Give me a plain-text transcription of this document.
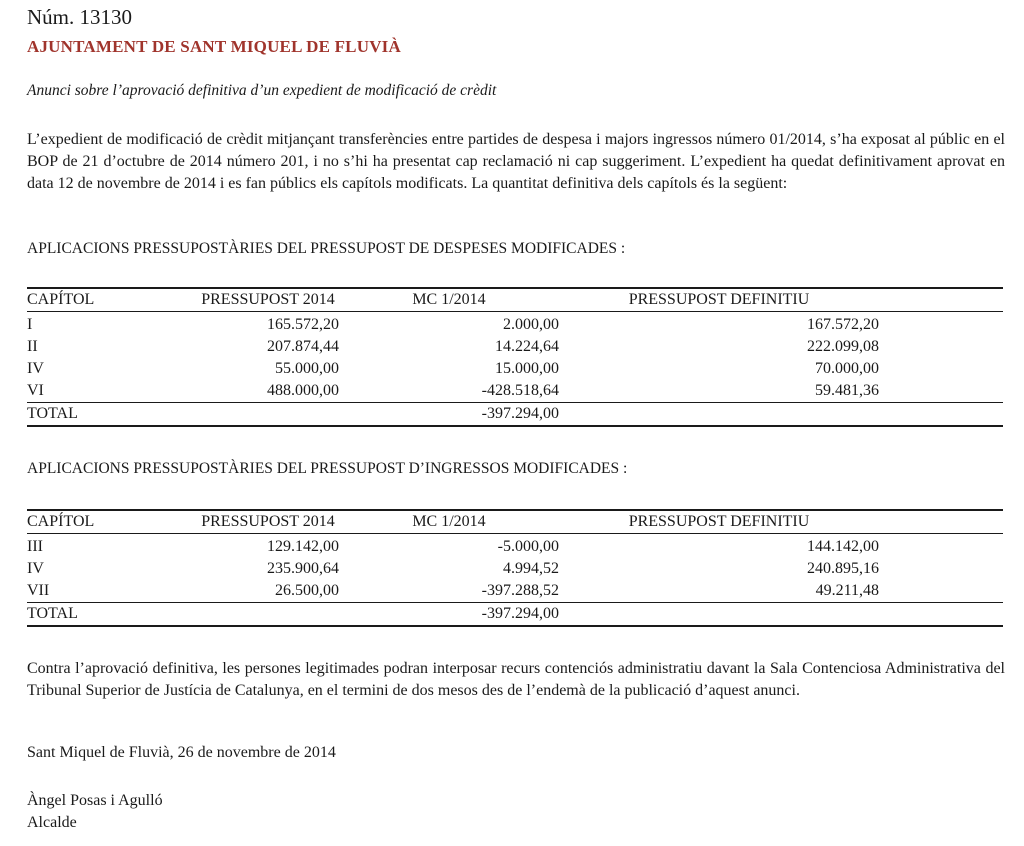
Núm. 13130
AJUNTAMENT DE SANT MIQUEL DE FLUVIÀ
Anunci sobre l’aprovació definitiva d’un expedient de modificació de crèdit
L’expedient de modificació de crèdit mitjançant transferències entre partides de despesa i majors ingressos número 01/2014, s’ha exposat al públic en el BOP de 21 d’octubre de 2014 número 201, i no s’hi ha presentat cap reclamació ni cap suggeriment. L’expedient ha quedat definitivament aprovat en data 12 de novembre de 2014 i es fan públics els capítols modificats. La quantitat definitiva dels capítols és la següent:
APLICACIONS PRESSUPOSTÀRIES DEL PRESSUPOST DE DESPESES MODIFICADES :
CAPÍTOL	PRESSUPOST 2014	MC 1/2014	PRESSUPOST DEFINITIU	
I	165.572,20	2.000,00	167.572,20	
II	207.874,44	14.224,64	222.099,08	
IV	55.000,00	15.000,00	70.000,00	
VI	488.000,00	-428.518,64	59.481,36	
TOTAL		-397.294,00		
APLICACIONS PRESSUPOSTÀRIES DEL PRESSUPOST D’INGRESSOS MODIFICADES :
CAPÍTOL	PRESSUPOST 2014	MC 1/2014	PRESSUPOST DEFINITIU	
III	129.142,00	-5.000,00	144.142,00	
IV	235.900,64	4.994,52	240.895,16	
VII	26.500,00	-397.288,52	49.211,48	
TOTAL		-397.294,00		
Contra l’aprovació definitiva, les persones legitimades podran interposar recurs contenciós administratiu davant la Sala Contenciosa Administrativa del Tribunal Superior de Justícia de Catalunya, en el termini de dos mesos des de l’endemà de la publicació d’aquest anunci.
Sant Miquel de Fluvià, 26 de novembre de 2014
Àngel Posas i Agulló
Alcalde
